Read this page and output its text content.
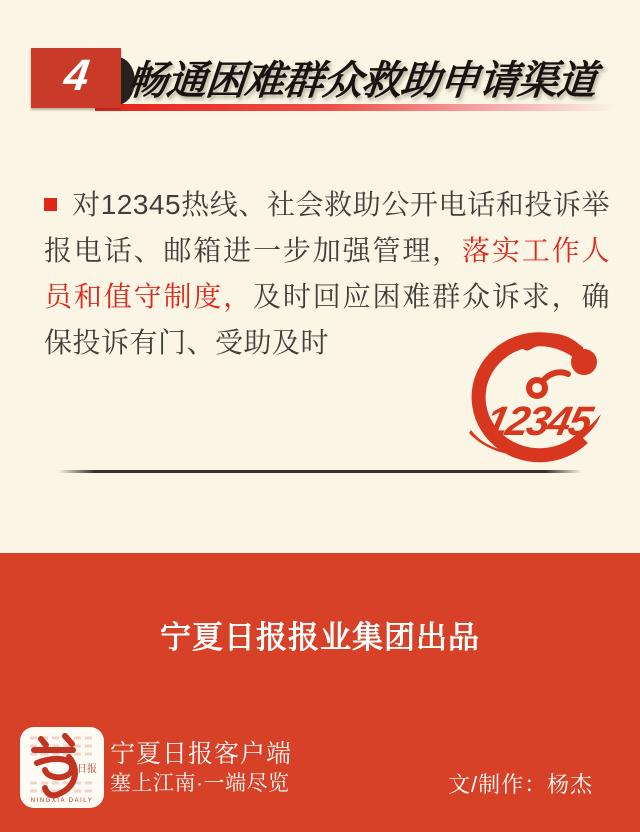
4 畅通困难群众救助申请渠道
对12345热线、社会救助公开电话和投诉举报电话、邮箱进一步加强管理，落实工作人员和值守制度，及时回应困难群众诉求，确保投诉有门、受助及时
12345
宁夏日报报业集团出品
日报
NINGXIA DAILY
宁夏日报客户端
塞上江南·一端尽览	文/制作：杨杰
